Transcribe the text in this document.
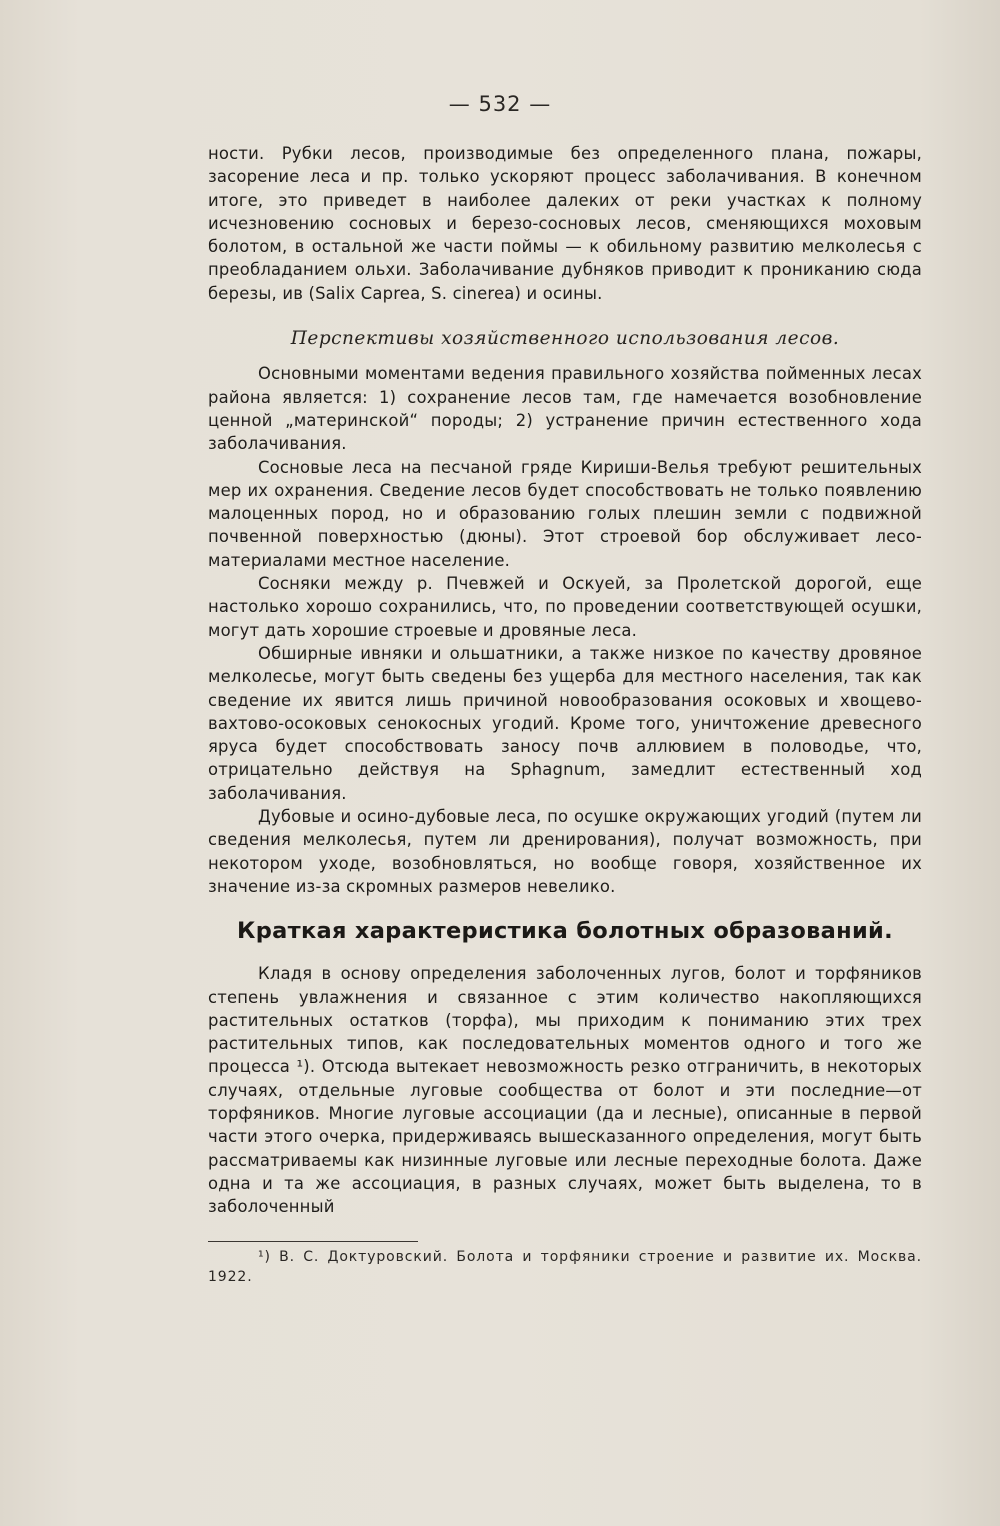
— 532 —

ности. Рубки лесов, производимые без определенного плана, пожары, засорение леса и пр. только ускоряют процесс заболачивания. В конечном итоге, это приведет в наиболее далеких от реки участках к полному исчезновению сосновых и березо-сосновых лесов, сменяющихся моховым болотом, в остальной же части поймы — к обильному развитию мелколесья с преобладанием ольхи. Заболачивание дубняков приводит к прониканию сюда березы, ив (Salix Caprea, S. cinerea) и осины.

Перспективы хозяйственного использования лесов.

Основными моментами ведения правильного хозяйства пойменных лесах района является: 1) сохранение лесов там, где намечается возобновление ценной „материнской“ породы; 2) устранение причин естественного хода заболачивания.

Сосновые леса на песчаной гряде Кириши-Велья требуют решительных мер их охранения. Сведение лесов будет способствовать не только появлению малоценных пород, но и образованию голых плешин земли с подвижной почвенной поверхностью (дюны). Этот строевой бор обслуживает лесо-материалами местное население.

Сосняки между р. Пчевжей и Оскуей, за Пролетской дорогой, еще настолько хорошо сохранились, что, по проведении соответствующей осушки, могут дать хорошие строевые и дровяные леса.

Обширные ивняки и ольшатники, а также низкое по качеству дровяное мелколесье, могут быть сведены без ущерба для местного населения, так как сведение их явится лишь причиной новообразования осоковых и хвощево-вахтово-осоковых сенокосных угодий. Кроме того, уничтожение древесного яруса будет способствовать заносу почв аллювием в половодье, что, отрицательно действуя на Sphagnum, замедлит естественный ход заболачивания.

Дубовые и осино-дубовые леса, по осушке окружающих угодий (путем ли сведения мелколесья, путем ли дренирования), получат возможность, при некотором уходе, возобновляться, но вообще говоря, хозяйственное их значение из-за скромных размеров невелико.

Краткая характеристика болотных образований.

Кладя в основу определения заболоченных лугов, болот и торфяников степень увлажнения и связанное с этим количество накопляющихся растительных остатков (торфа), мы приходим к пониманию этих трех растительных типов, как последовательных моментов одного и того же процесса ¹). Отсюда вытекает невозможность резко отграничить, в некоторых случаях, отдельные луговые сообщества от болот и эти последние—от торфяников. Многие луговые ассоциации (да и лесные), описанные в первой части этого очерка, придерживаясь вышесказанного определения, могут быть рассматриваемы как низинные луговые или лесные переходные болота. Даже одна и та же ассоциация, в разных случаях, может быть выделена, то в заболоченный

¹) В. С. Доктуровский. Болота и торфяники строение и развитие их. Москва. 1922.
